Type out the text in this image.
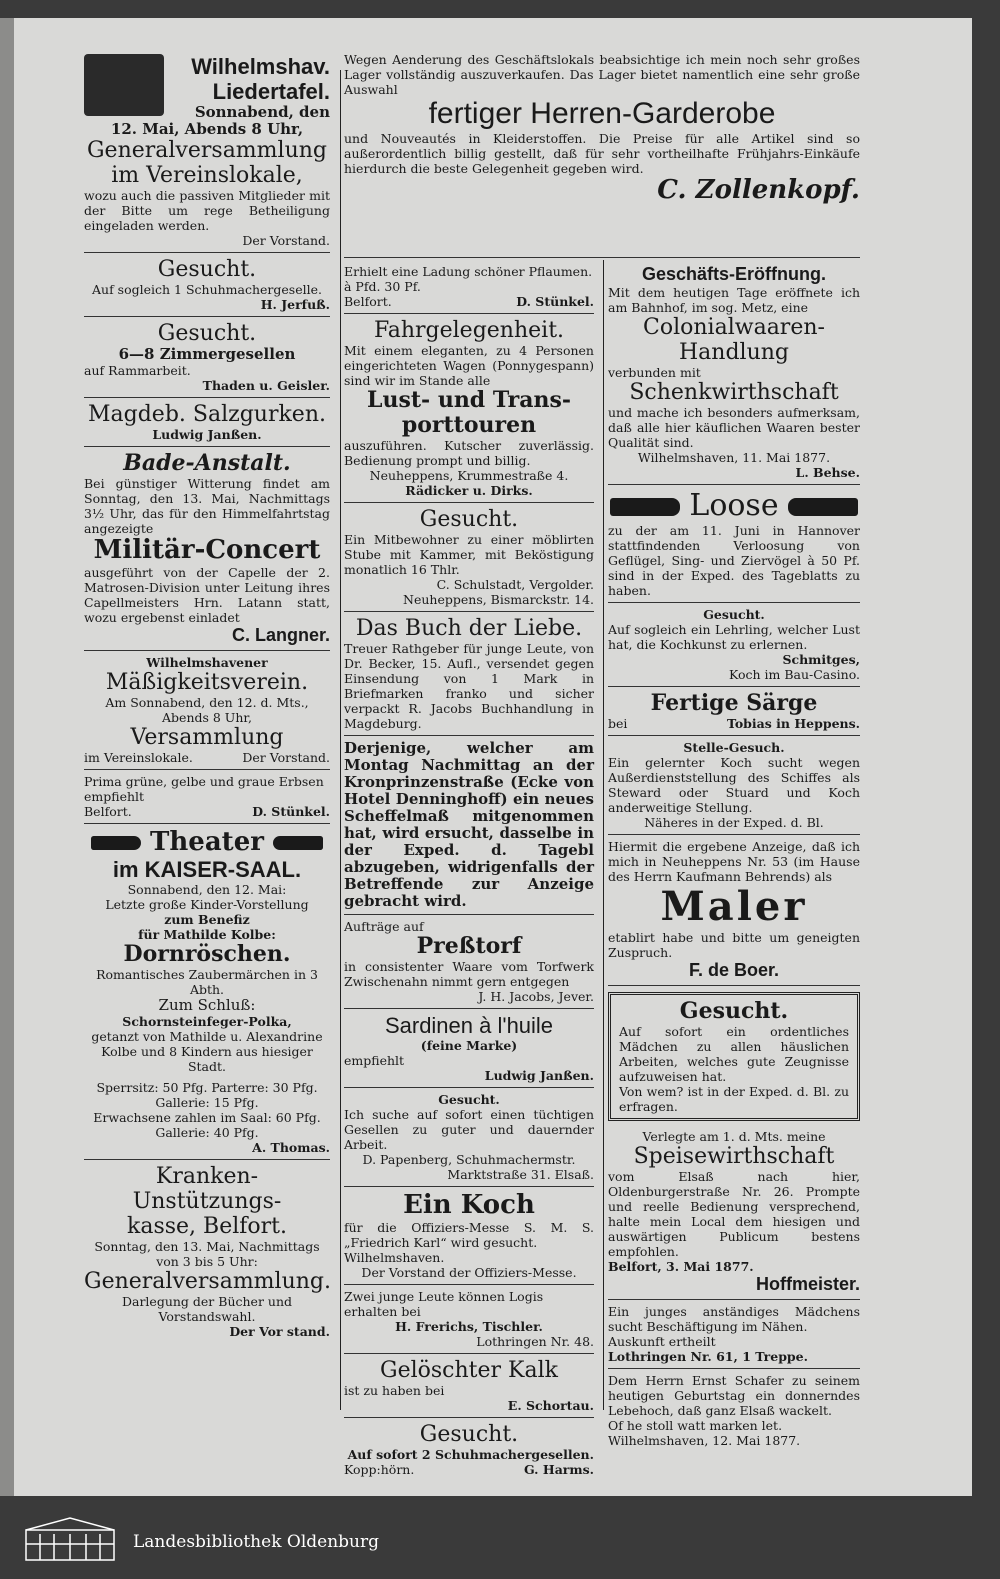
Wilhelmshav.

Liedertafel.

Sonnabend, den

12. Mai, Abends 8 Uhr,

Generalversammlung

im Vereinslokale,

wozu auch die passiven Mitglieder mit der Bitte um rege Betheiligung eingeladen werden.

Der Vorstand.

Gesucht.

Auf sogleich 1 Schuhmachergeselle.

H. Jerfuß.

Gesucht.

6—8 Zimmergesellen

auf Rammarbeit.

Thaden u. Geisler.

Magdeb. Salzgurken.

Ludwig Janßen.

Bade-Anstalt.

Bei günstiger Witterung findet am Sonntag, den 13. Mai, Nachmittags 3½ Uhr, das für den Himmelfahrtstag angezeigte

Militär-Concert

ausgeführt von der Capelle der 2. Matrosen-Division unter Leitung ihres Capellmeisters Hrn. Latann statt, wozu ergebenst einladet

C. Langner.

Wilhelmshavener

Mäßigkeitsverein.

Am Sonnabend, den 12. d. Mts., Abends 8 Uhr,

Versammlung

im Vereinslokale.	Der Vorstand.

Prima grüne, gelbe und graue Erbsen empfiehlt

Belfort.	D. Stünkel.

Theater

im KAISER-SAAL.

Sonnabend, den 12. Mai:

Letzte große Kinder-Vorstellung

zum Benefiz

für Mathilde Kolbe:

Dornröschen.

Romantisches Zaubermärchen in 3 Abth.

Zum Schluß:

Schornsteinfeger-Polka,

getanzt von Mathilde u. Alexandrine Kolbe und 8 Kindern aus hiesiger Stadt.

Sperrsitz: 50 Pfg. Parterre: 30 Pfg.

Gallerie: 15 Pfg.

Erwachsene zahlen im Saal: 60 Pfg.

Gallerie: 40 Pfg.

A. Thomas.

Kranken-Unstützungs-

kasse, Belfort.

Sonntag, den 13. Mai, Nachmittags von 3 bis 5 Uhr:

Generalversammlung.

Darlegung der Bücher und Vorstandswahl.

Der Vor stand.

Wegen Aenderung des Geschäftslokals beabsichtige ich mein noch sehr großes Lager vollständig auszuverkaufen. Das Lager bietet namentlich eine sehr große Auswahl

fertiger Herren-Garderobe

und Nouveautés in Kleiderstoffen. Die Preise für alle Artikel sind so außerordentlich billig gestellt, daß für sehr vortheilhafte Frühjahrs-Einkäufe hierdurch die beste Gelegenheit gegeben wird.

C. Zollenkopf.

Erhielt eine Ladung schöner Pflaumen.

à Pfd. 30 Pf.

Belfort.	D. Stünkel.

Fahrgelegenheit.

Mit einem eleganten, zu 4 Personen eingerichteten Wagen (Ponnygespann) sind wir im Stande alle

Lust- und Trans-

porttouren

auszuführen. Kutscher zuverlässig. Bedienung prompt und billig.

Neuheppens, Krummestraße 4.

Rädicker u. Dirks.

Gesucht.

Ein Mitbewohner zu einer möblirten Stube mit Kammer, mit Beköstigung monatlich 16 Thlr.

C. Schulstadt, Vergolder.

Neuheppens, Bismarckstr. 14.

Das Buch der Liebe.

Treuer Rathgeber für junge Leute, von Dr. Becker, 15. Aufl., versendet gegen Einsendung von 1 Mark in Briefmarken franko und sicher verpackt R. Jacobs Buchhandlung in Magdeburg.

Derjenige, welcher am Montag Nachmittag an der Kronprinzenstraße (Ecke von Hotel Denninghoff) ein neues Scheffelmaß mitgenommen hat, wird ersucht, dasselbe in der Exped. d. Tagebl abzugeben, widrigenfalls der Betreffende zur Anzeige gebracht wird.

Aufträge auf

Preßtorf

in consistenter Waare vom Torfwerk Zwischenahn nimmt gern entgegen

J. H. Jacobs, Jever.

Sardinen à l'huile

(feine Marke)

empfiehlt

Ludwig Janßen.

Gesucht.

Ich suche auf sofort einen tüchtigen Gesellen zu guter und dauernder Arbeit.

D. Papenberg, Schuhmachermstr.

Marktstraße 31. Elsaß.

Ein Koch

für die Offiziers-Messe S. M. S. „Friedrich Karl“ wird gesucht.

Wilhelmshaven.

Der Vorstand der Offiziers-Messe.

Zwei junge Leute können Logis erhalten bei

H. Frerichs, Tischler.

Lothringen Nr. 48.

Gelöschter Kalk

ist zu haben bei

E. Schortau.

Gesucht.

Auf sofort 2 Schuhmachergesellen.

Kopp:hörn.	G. Harms.

Geschäfts-Eröffnung.

Mit dem heutigen Tage eröffnete ich am Bahnhof, im sog. Metz, eine

Colonialwaaren-Handlung

verbunden mit

Schenkwirthschaft

und mache ich besonders aufmerksam, daß alle hier käuflichen Waaren bester Qualität sind.

Wilhelmshaven, 11. Mai 1877.

L. Behse.

Loose

zu der am 11. Juni in Hannover stattfindenden Verloosung von Geflügel, Sing- und Ziervögel à 50 Pf. sind in der Exped. des Tageblatts zu haben.

Gesucht.

Auf sogleich ein Lehrling, welcher Lust hat, die Kochkunst zu erlernen.

Schmitges,

Koch im Bau-Casino.

Fertige Särge

bei	Tobias in Heppens.

Stelle-Gesuch.

Ein gelernter Koch sucht wegen Außerdienststellung des Schiffes als Steward oder Stuard und Koch anderweitige Stellung.

Näheres in der Exped. d. Bl.

Hiermit die ergebene Anzeige, daß ich mich in Neuheppens Nr. 53 (im Hause des Herrn Kaufmann Behrends) als

Maler

etablirt habe und bitte um geneigten Zuspruch.

F. de Boer.

Gesucht.

Auf sofort ein ordentliches Mädchen zu allen häuslichen Arbeiten, welches gute Zeugnisse aufzuweisen hat.

Von wem? ist in der Exped. d. Bl. zu erfragen.

Verlegte am 1. d. Mts. meine

Speisewirthschaft

vom Elsaß nach hier, Oldenburgerstraße Nr. 26. Prompte und reelle Bedienung versprechend, halte mein Local dem hiesigen und auswärtigen Publicum bestens empfohlen.

Belfort, 3. Mai 1877.

Hoffmeister.

Ein junges anständiges Mädchens sucht Beschäftigung im Nähen.

Auskunft ertheilt

Lothringen Nr. 61, 1 Treppe.

Dem Herrn Ernst Schafer zu seinem heutigen Geburtstag ein donnerndes Lebehoch, daß ganz Elsaß wackelt.

Of he stoll watt marken let.

Wilhelmshaven, 12. Mai 1877.

Landesbibliothek Oldenburg
